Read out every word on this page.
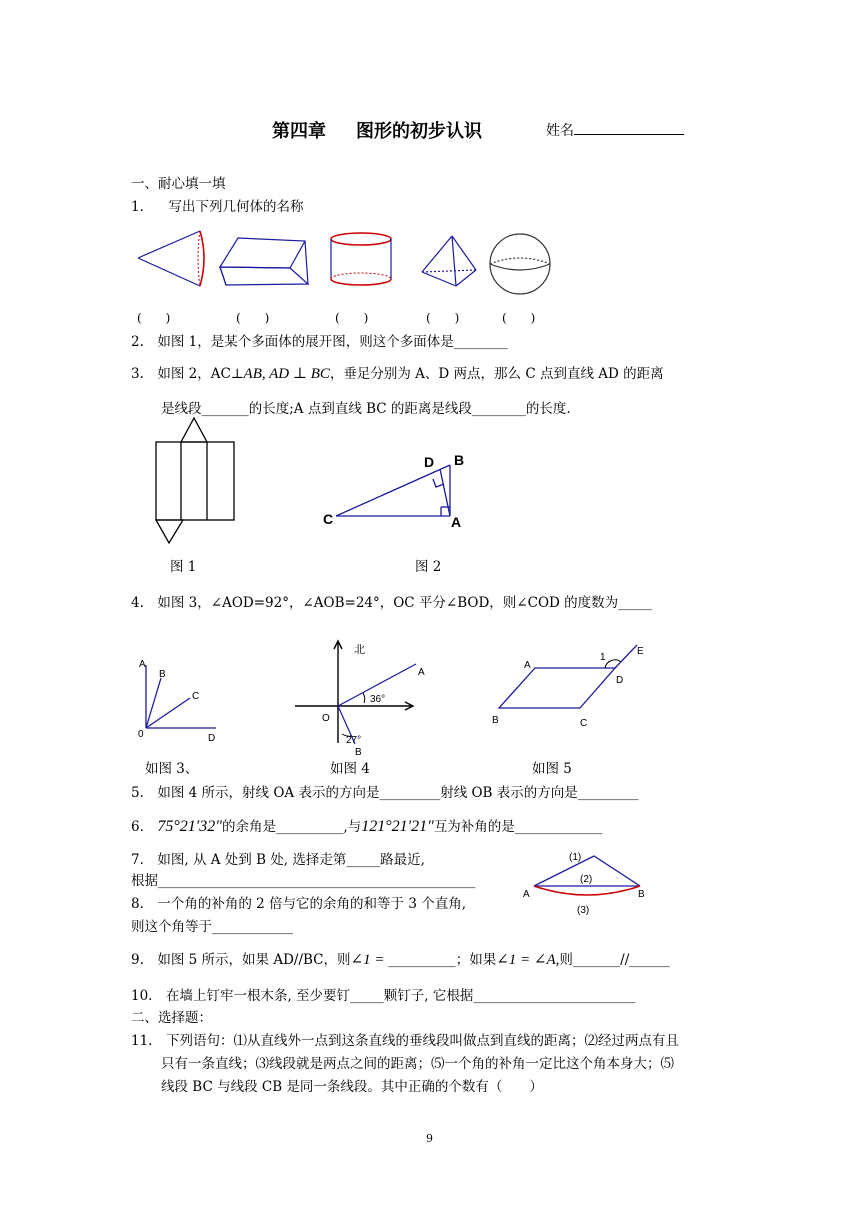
第四章 图形的初步认识	姓名
一、耐心填一填
1. 写出下列几何体的名称
(　　)	(　　)	(　　)	(　　)	(　　)
2.　如图 1，是某个多面体的展开图，则这个多面体是________
3.　如图 2，AC⊥AB, AD ⊥ BC，垂足分别为 A、D 两点，那么 C 点到直线 AD 的距离
是线段_______的长度;A 点到直线 BC 的距离是线段________的长度.
图 1
D B
C	A
图 2
4.　如图 3，∠AOD=92°，∠AOB=24°，OC 平分∠BOD，则∠COD 的度数为_____
A
B
C
0	D
北
A
36°
O
27°
B
1
E
A
D
B	C
如图 3、	如图 4	如图 5
5.　如图 4 所示，射线 OA 表示的方向是_________射线 OB 表示的方向是_________
6.　75°21′32″的余角是__________,与121°21′21″互为补角的是_____________
7.　如图, 从 A 处到 B 处, 选择走第_____路最近,
根据_______________________________________________
(1)
(2)
(3)
A	B
8.　一个角的补角的 2 倍与它的余角的和等于 3 个直角,
则这个角等于____________
9.　如图 5 所示，如果 AD//BC，则∠1 = __________；如果∠1 = ∠A,则_______//______
10.　在墙上钉牢一根木条, 至少要钉_____颗钉子, 它根据________________________
二、选择题：
11.　下列语句：⑴从直线外一点到这条直线的垂线段叫做点到直线的距离；⑵经过两点有且
只有一条直线；⑶线段就是两点之间的距离；⑸一个角的补角一定比这个角本身大；⑸
线段 BC 与线段 CB 是同一条线段。其中正确的个数有（　　）
9
